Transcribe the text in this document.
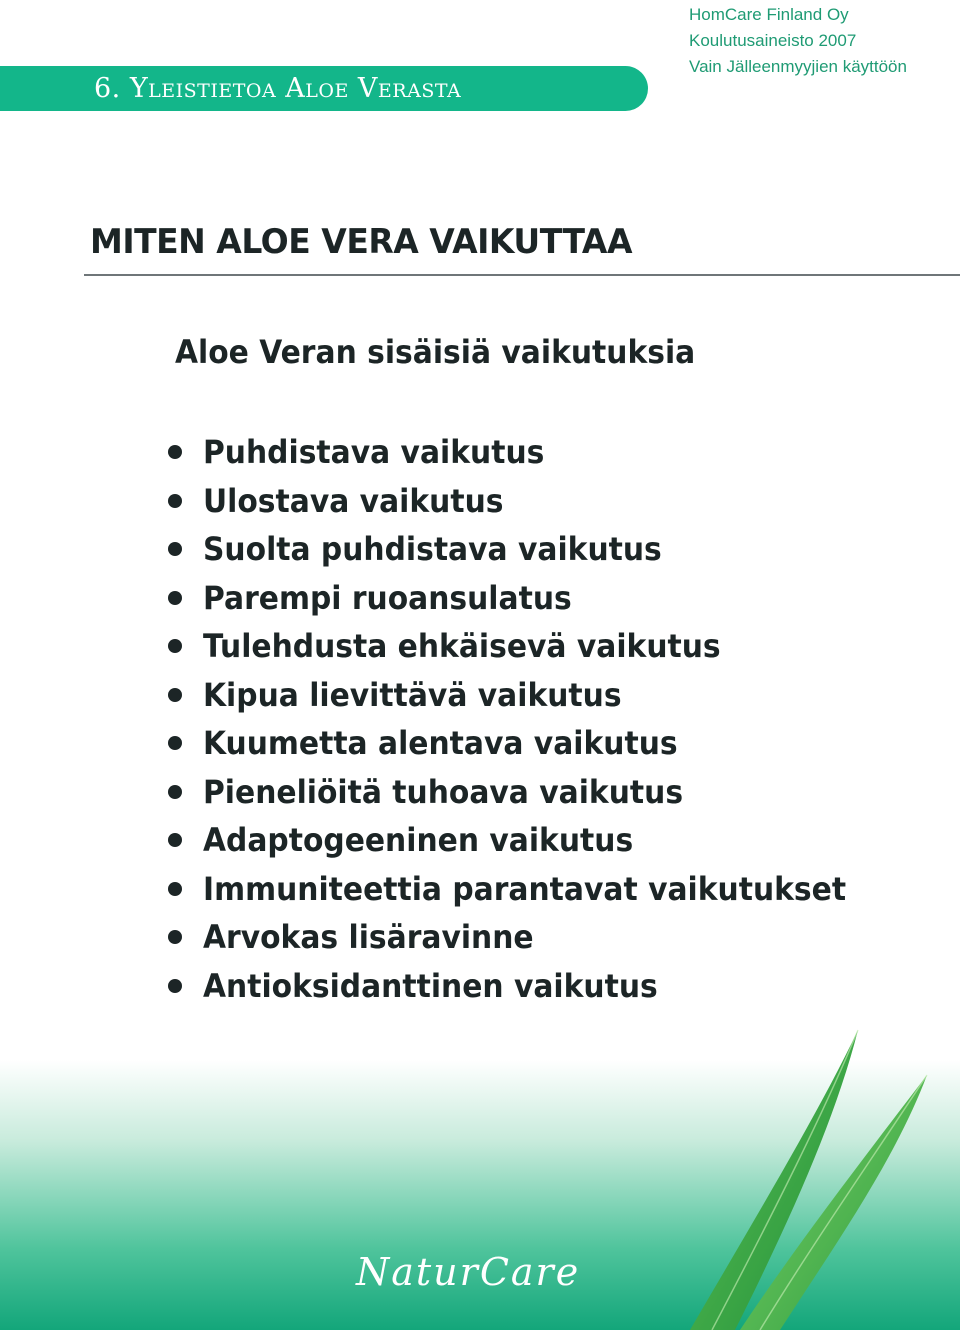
HomCare Finland Oy
Koulutusaineisto 2007
Vain Jälleenmyyjien käyttöön
6. Yleistietoa Aloe Verasta
MITEN ALOE VERA VAIKUTTAA
Aloe Veran sisäisiä vaikutuksia
Puhdistava vaikutus
Ulostava vaikutus
Suolta puhdistava vaikutus
Parempi ruoansulatus
Tulehdusta ehkäisevä vaikutus
Kipua lievittävä vaikutus
Kuumetta alentava vaikutus
Pieneliöitä tuhoava vaikutus
Adaptogeeninen vaikutus
Immuniteettia parantavat vaikutukset
Arvokas lisäravinne
Antioksidanttinen vaikutus
NaturCare
